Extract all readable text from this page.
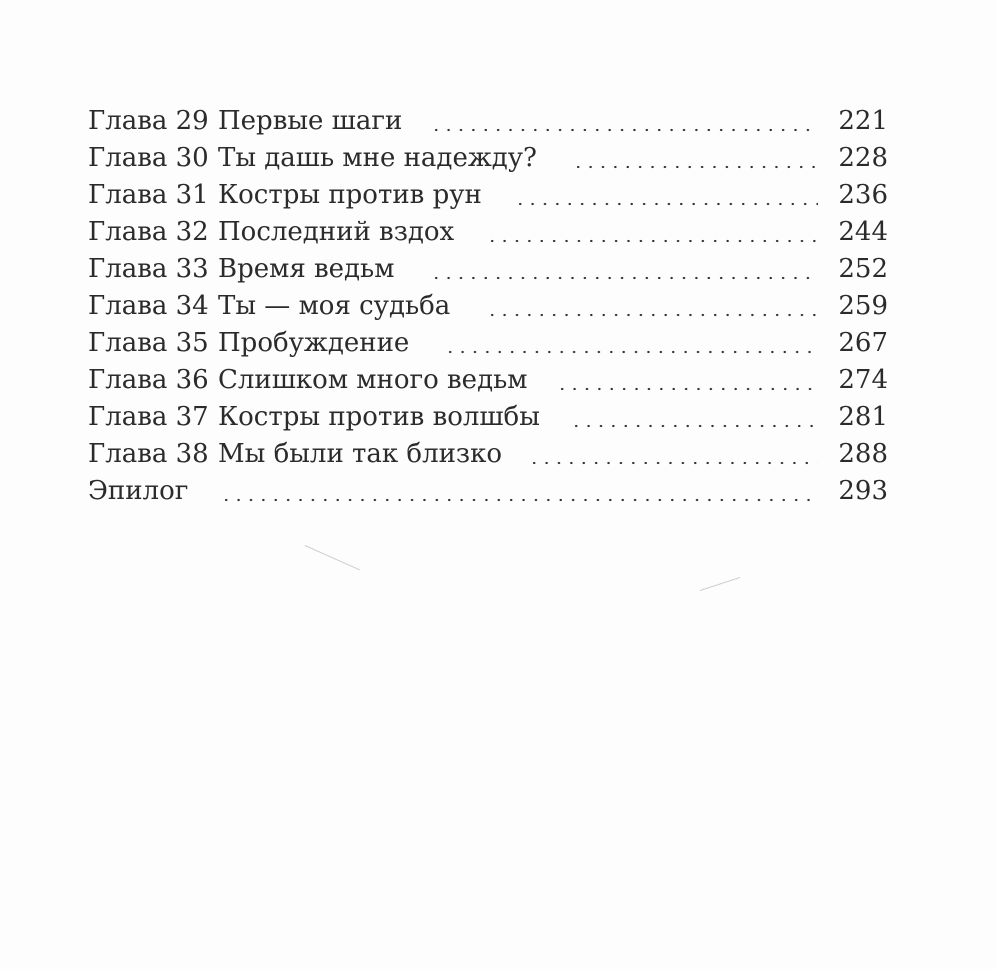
Глава 29 Первые шаги	221
Глава 30 Ты дашь мне надежду?	228
Глава 31 Костры против рун	236
Глава 32 Последний вздох	244
Глава 33 Время ведьм	252
Глава 34 Ты — моя судьба	259
Глава 35 Пробуждение	267
Глава 36 Слишком много ведьм	274
Глава 37 Костры против волшбы	281
Глава 38 Мы были так близко	288
Эпилог	293
